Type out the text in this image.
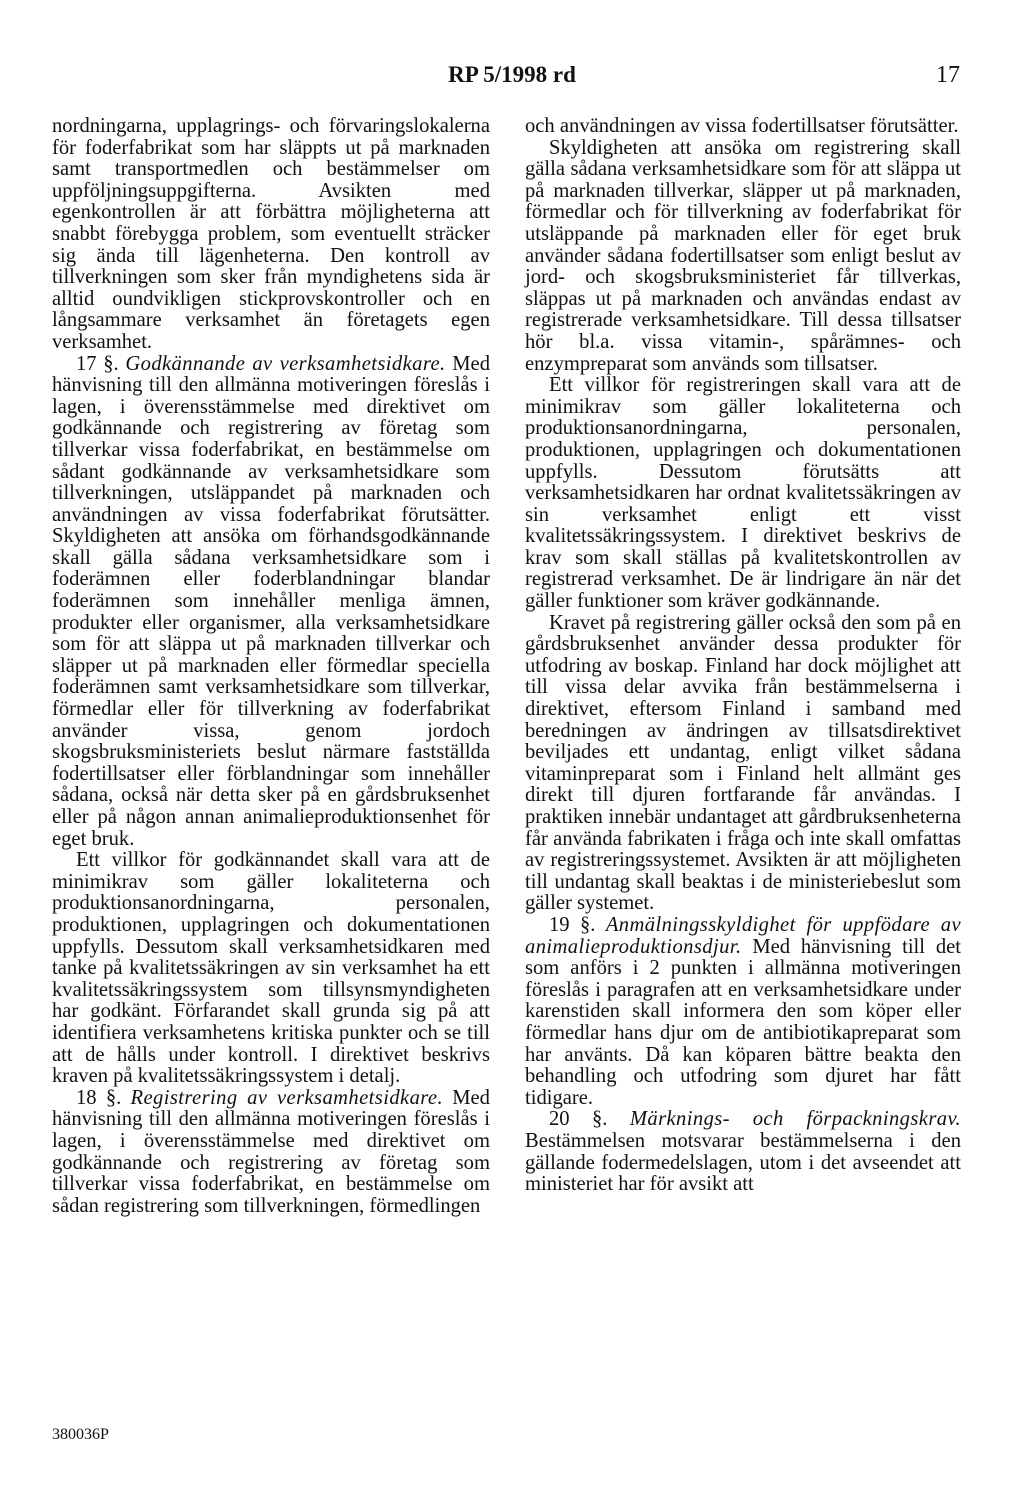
RP 5/1998 rd	17

nordningarna, upplagrings- och förvaringslokalerna för foderfabrikat som har släppts ut på marknaden samt transportmedlen och bestämmelser om uppföljningsuppgifterna. Avsikten med egenkontrollen är att förbättra möjligheterna att snabbt förebygga problem, som eventuellt sträcker sig ända till lägenheterna. Den kontroll av tillverkningen som sker från myndighetens sida är alltid oundvikligen stickprovskontroller och en långsammare verksamhet än företagets egen verksamhet.

17 §. Godkännande av verksamhetsidkare. Med hänvisning till den allmänna motiveringen föreslås i lagen, i överensstämmelse med direktivet om godkännande och registrering av företag som tillverkar vissa foderfabrikat, en bestämmelse om sådant godkännande av verksamhetsidkare som tillverkningen, utsläppandet på marknaden och användningen av vissa foderfabrikat förutsätter. Skyldigheten att ansöka om förhandsgodkännande skall gälla sådana verksamhetsidkare som i foderämnen eller foderblandningar blandar foderämnen som innehåller menliga ämnen, produkter eller organismer, alla verksamhetsidkare som för att släppa ut på marknaden tillverkar och släpper ut på marknaden eller förmedlar speciella foderämnen samt verksamhetsidkare som tillverkar, förmedlar eller för tillverkning av foderfabrikat använder vissa, genom jordoch skogsbruksministeriets beslut närmare fastställda fodertillsatser eller förblandningar som innehåller sådana, också när detta sker på en gårdsbruksenhet eller på någon annan animalieproduktionsenhet för eget bruk.

Ett villkor för godkännandet skall vara att de minimikrav som gäller lokaliteterna och produktionsanordningarna, personalen, produktionen, upplagringen och dokumentationen uppfylls. Dessutom skall verksamhetsidkaren med tanke på kvalitetssäkringen av sin verksamhet ha ett kvalitetssäkringssystem som tillsynsmyndigheten har godkänt. Förfarandet skall grunda sig på att identifiera verksamhetens kritiska punkter och se till att de hålls under kontroll. I direktivet beskrivs kraven på kvalitetssäkringssystem i detalj.

18 §. Registrering av verksamhetsidkare. Med hänvisning till den allmänna motiveringen föreslås i lagen, i överensstämmelse med direktivet om godkännande och registrering av företag som tillverkar vissa foderfabrikat, en bestämmelse om sådan registrering som tillverkningen, förmedlingen

och användningen av vissa fodertillsatser förutsätter.

Skyldigheten att ansöka om registrering skall gälla sådana verksamhetsidkare som för att släppa ut på marknaden tillverkar, släpper ut på marknaden, förmedlar och för tillverkning av foderfabrikat för utsläppande på marknaden eller för eget bruk använder sådana fodertillsatser som enligt beslut av jord- och skogsbruksministeriet får tillverkas, släppas ut på marknaden och användas endast av registrerade verksamhetsidkare. Till dessa tillsatser hör bl.a. vissa vitamin-, spårämnes- och enzympreparat som används som tillsatser.

Ett villkor för registreringen skall vara att de minimikrav som gäller lokaliteterna och produktionsanordningarna, personalen, produktionen, upplagringen och dokumentationen uppfylls. Dessutom förutsätts att verksamhetsidkaren har ordnat kvalitetssäkringen av sin verksamhet enligt ett visst kvalitetssäkringssystem. I direktivet beskrivs de krav som skall ställas på kvalitetskontrollen av registrerad verksamhet. De är lindrigare än när det gäller funktioner som kräver godkännande.

Kravet på registrering gäller också den som på en gårdsbruksenhet använder dessa produkter för utfodring av boskap. Finland har dock möjlighet att till vissa delar avvika från bestämmelserna i direktivet, eftersom Finland i samband med beredningen av ändringen av tillsatsdirektivet beviljades ett undantag, enligt vilket sådana vitaminpreparat som i Finland helt allmänt ges direkt till djuren fortfarande får användas. I praktiken innebär undantaget att gårdbruksenheterna får använda fabrikaten i fråga och inte skall omfattas av registreringssystemet. Avsikten är att möjligheten till undantag skall beaktas i de ministeriebeslut som gäller systemet.

19 §. Anmälningsskyldighet för uppfödare av animalieproduktionsdjur. Med hänvisning till det som anförs i 2 punkten i allmänna motiveringen föreslås i paragrafen att en verksamhetsidkare under karenstiden skall informera den som köper eller förmedlar hans djur om de antibiotikapreparat som har använts. Då kan köparen bättre beakta den behandling och utfodring som djuret har fått tidigare.

20 §. Märknings- och förpackningskrav. Bestämmelsen motsvarar bestämmelserna i den gällande fodermedelslagen, utom i det avseendet att ministeriet har för avsikt att

380036P
